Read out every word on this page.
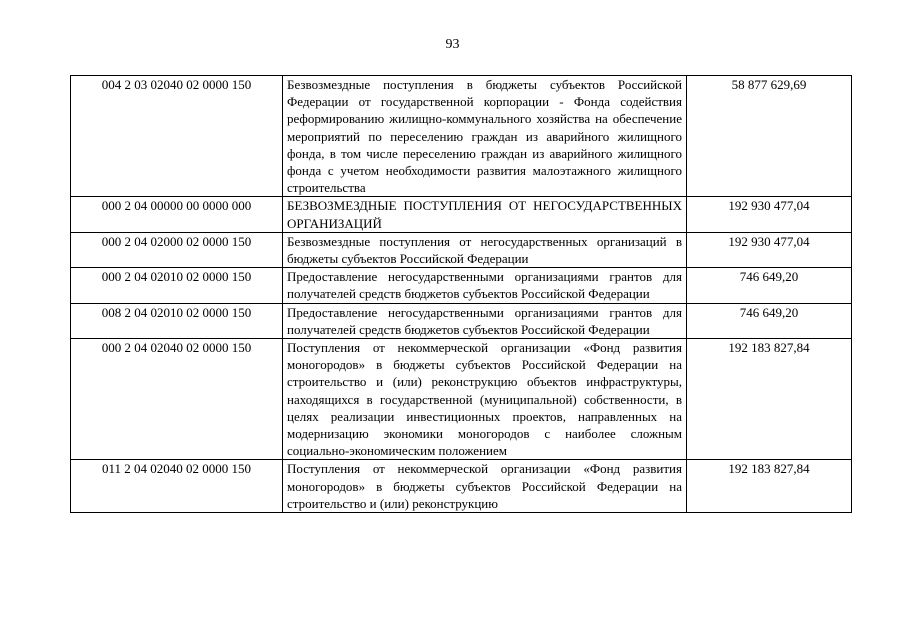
93
004 2 03 02040 02 0000 150	Безвозмездные поступления в бюджеты субъектов Российской Федерации от государственной корпорации - Фонда содействия реформированию жилищно-коммунального хозяйства на обеспечение мероприятий по переселению граждан из аварийного жилищного фонда, в том числе переселению граждан из аварийного жилищного фонда с учетом необходимости развития малоэтажного жилищного строительства	58 877 629,69
000 2 04 00000 00 0000 000	БЕЗВОЗМЕЗДНЫЕ ПОСТУПЛЕНИЯ ОТ НЕГОСУДАРСТВЕННЫХ ОРГАНИЗАЦИЙ	192 930 477,04
000 2 04 02000 02 0000 150	Безвозмездные поступления от негосударственных организаций в бюджеты субъектов Российской Федерации	192 930 477,04
000 2 04 02010 02 0000 150	Предоставление негосударственными организациями грантов для получателей средств бюджетов субъектов Российской Федерации	746 649,20
008 2 04 02010 02 0000 150	Предоставление негосударственными организациями грантов для получателей средств бюджетов субъектов Российской Федерации	746 649,20
000 2 04 02040 02 0000 150	Поступления от некоммерческой организации «Фонд развития моногородов» в бюджеты субъектов Российской Федерации на строительство и (или) реконструкцию объектов инфраструктуры, находящихся в государственной (муниципальной) собственности, в целях реализации инвестиционных проектов, направленных на модернизацию экономики моногородов с наиболее сложным социально-экономическим положением	192 183 827,84
011 2 04 02040 02 0000 150	Поступления от некоммерческой организации «Фонд развития моногородов» в бюджеты субъектов Российской Федерации на строительство и (или) реконструкцию	192 183 827,84
